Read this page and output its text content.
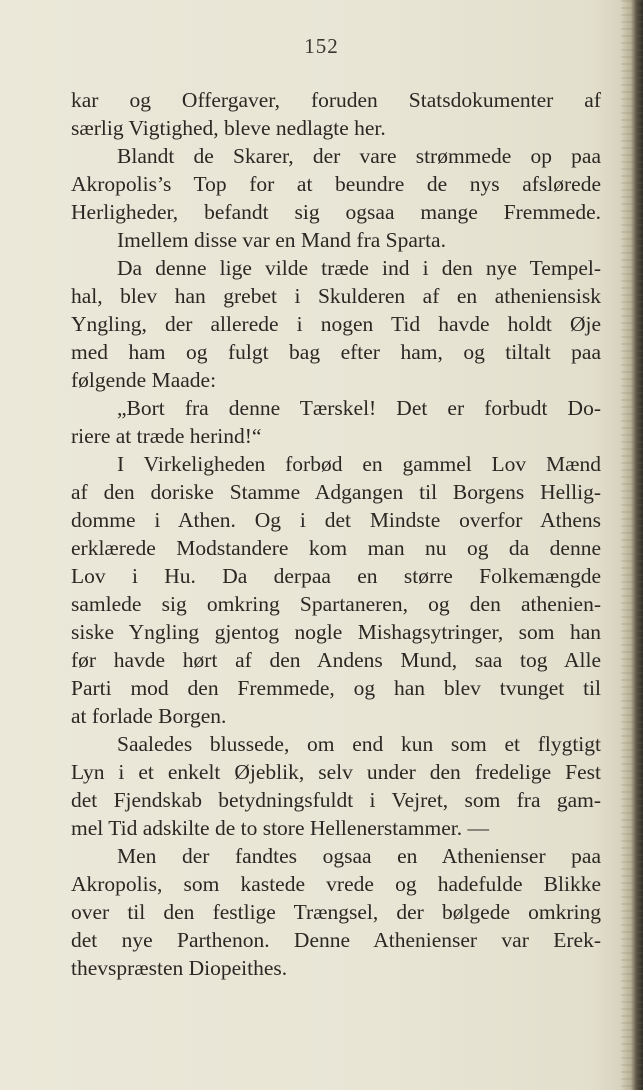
152
kar og Offergaver, foruden Statsdokumenter af
særlig Vigtighed, bleve nedlagte her.
Blandt de Skarer, der vare strømmede op paa
Akropolis’s Top for at beundre de nys afslørede
Herligheder, befandt sig ogsaa mange Fremmede.
Imellem disse var en Mand fra Sparta.
Da denne lige vilde træde ind i den nye Tempel-
hal, blev han grebet i Skulderen af en atheniensisk
Yngling, der allerede i nogen Tid havde holdt Øje
med ham og fulgt bag efter ham, og tiltalt paa
følgende Maade:
„Bort fra denne Tærskel! Det er forbudt Do-
riere at træde herind!“
I Virkeligheden forbød en gammel Lov Mænd
af den doriske Stamme Adgangen til Borgens Hellig-
domme i Athen. Og i det Mindste overfor Athens
erklærede Modstandere kom man nu og da denne
Lov i Hu. Da derpaa en større Folkemængde
samlede sig omkring Spartaneren, og den athenien-
siske Yngling gjentog nogle Mishagsytringer, som han
før havde hørt af den Andens Mund, saa tog Alle
Parti mod den Fremmede, og han blev tvunget til
at forlade Borgen.
Saaledes blussede, om end kun som et flygtigt
Lyn i et enkelt Øjeblik, selv under den fredelige Fest
det Fjendskab betydningsfuldt i Vejret, som fra gam-
mel Tid adskilte de to store Hellenerstammer. —
Men der fandtes ogsaa en Athenienser paa
Akropolis, som kastede vrede og hadefulde Blikke
over til den festlige Trængsel, der bølgede omkring
det nye Parthenon. Denne Athenienser var Erek-
thevspræsten Diopeithes.
